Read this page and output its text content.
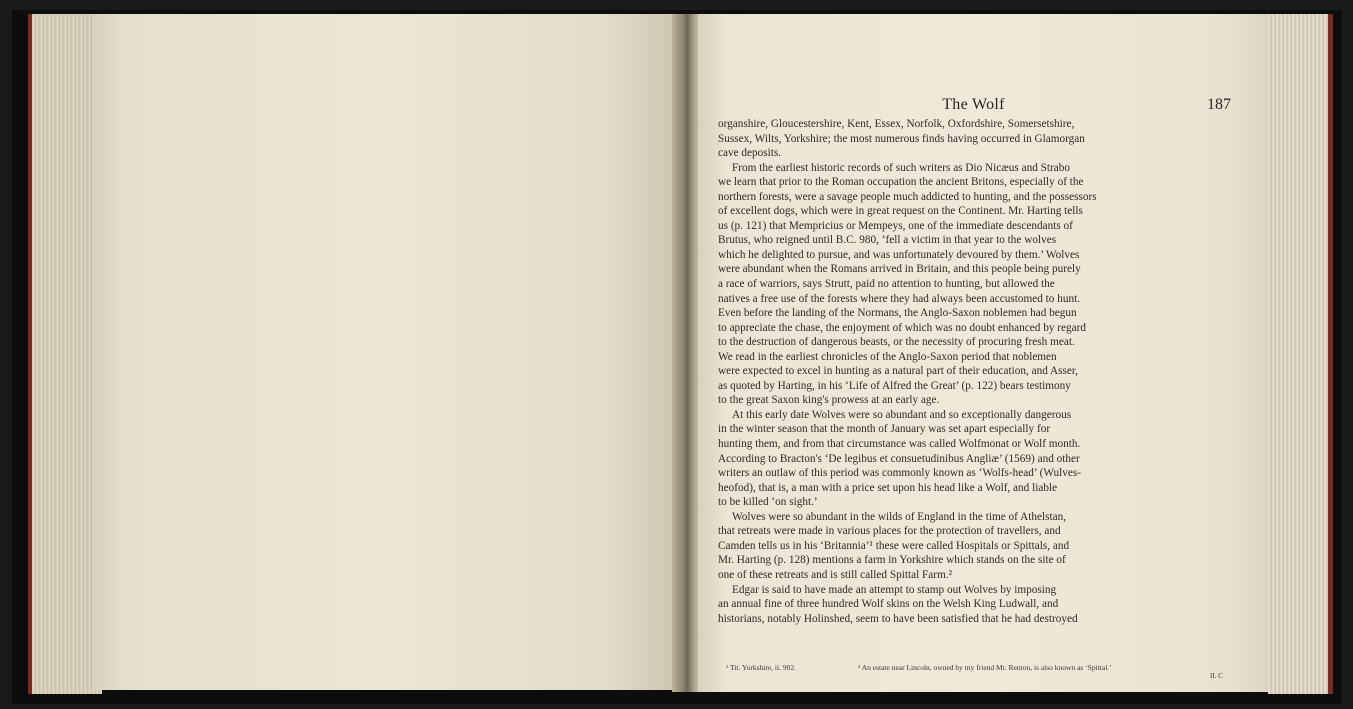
The Wolf	187
organshire, Gloucestershire, Kent, Essex, Norfolk, Oxfordshire, Somersetshire,
Sussex, Wilts, Yorkshire; the most numerous finds having occurred in Glamorgan
cave deposits.
From the earliest historic records of such writers as Dio Nicæus and Strabo
we learn that prior to the Roman occupation the ancient Britons, especially of the
northern forests, were a savage people much addicted to hunting, and the possessors
of excellent dogs, which were in great request on the Continent. Mr. Harting tells
us (p. 121) that Mempricius or Mempeys, one of the immediate descendants of
Brutus, who reigned until B.C. 980, ‘fell a victim in that year to the wolves
which he delighted to pursue, and was unfortunately devoured by them.’ Wolves
were abundant when the Romans arrived in Britain, and this people being purely
a race of warriors, says Strutt, paid no attention to hunting, but allowed the
natives a free use of the forests where they had always been accustomed to hunt.
Even before the landing of the Normans, the Anglo-Saxon noblemen had begun
to appreciate the chase, the enjoyment of which was no doubt enhanced by regard
to the destruction of dangerous beasts, or the necessity of procuring fresh meat.
We read in the earliest chronicles of the Anglo-Saxon period that noblemen
were expected to excel in hunting as a natural part of their education, and Asser,
as quoted by Harting, in his ‘Life of Alfred the Great’ (p. 122) bears testimony
to the great Saxon king's prowess at an early age.
At this early date Wolves were so abundant and so exceptionally dangerous
in the winter season that the month of January was set apart especially for
hunting them, and from that circumstance was called Wolfmonat or Wolf month.
According to Bracton's ‘De legibus et consuetudinibus Angliæ’ (1569) and other
writers an outlaw of this period was commonly known as ‘Wolfs-head’ (Wulves-
heofod), that is, a man with a price set upon his head like a Wolf, and liable
to be killed ‘on sight.’
Wolves were so abundant in the wilds of England in the time of Athelstan,
that retreats were made in various places for the protection of travellers, and
Camden tells us in his ‘Britannia’¹ these were called Hospitals or Spittals, and
Mr. Harting (p. 128) mentions a farm in Yorkshire which stands on the site of
one of these retreats and is still called Spittal Farm.²
Edgar is said to have made an attempt to stamp out Wolves by imposing
an annual fine of three hundred Wolf skins on the Welsh King Ludwall, and
historians, notably Holinshed, seem to have been satisfied that he had destroyed
¹ Tit. Yorkshire, ii. 902.	² An estate near Lincoln, owned by my friend Mr. Renton, is also known as ‘Spittal.’
II. C
